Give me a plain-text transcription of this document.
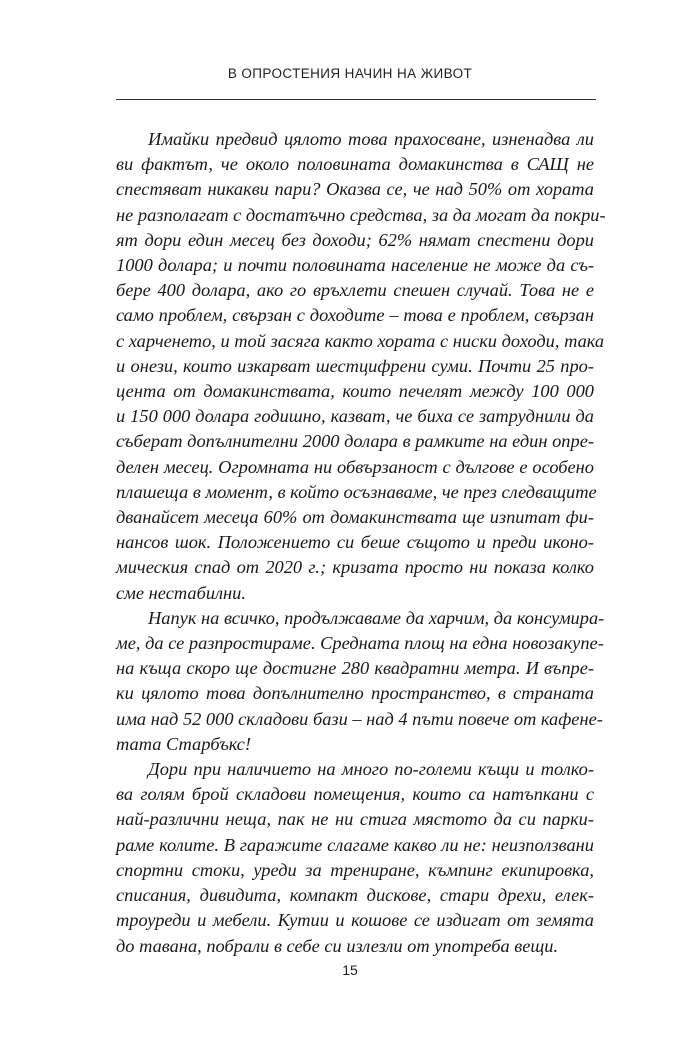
В ОПРОСТЕНИЯ НАЧИН НА ЖИВОТ
Имайки предвид цялото това прахосване, изненадва ли
ви фактът, че около половината домакинства в САЩ не
спестяват никакви пари? Оказва се, че над 50% от хората
не разполагат с достатъчно средства, за да могат да покри-
ят дори един месец без доходи; 62% нямат спестени дори
1000 долара; и почти половината население не може да съ-
бере 400 долара, ако го връхлети спешен случай. Това не е
само проблем, свързан с доходите – това е проблем, свързан
с харченето, и той засяга както хората с ниски доходи, така
и онези, които изкарват шестцифрени суми. Почти 25 про-
цента от домакинствата, които печелят между 100 000
и 150 000 долара годишно, казват, че биха се затруднили да
съберат допълнителни 2000 долара в рамките на един опре-
делен месец. Огромната ни обвързаност с дългове е особено
плашеща в момент, в който осъзнаваме, че през следващите
дванайсет месеца 60% от домакинствата ще изпитат фи-
нансов шок. Положението си беше същото и преди иконо-
мическия спад от 2020 г.; кризата просто ни показа колко
сме нестабилни.
Напук на всичко, продължаваме да харчим, да консумира-
ме, да се разпростираме. Средната площ на една новозакупе-
на къща скоро ще достигне 280 квадратни метра. И въпре-
ки цялото това допълнително пространство, в страната
има над 52 000 складови бази – над 4 пъти повече от кафене-
тата Старбъкс!
Дори при наличието на много по-големи къщи и толко-
ва голям брой складови помещения, които са натъпкани с
най-различни неща, пак не ни стига мястото да си парки-
раме колите. В гаражите слагаме какво ли не: неизползвани
спортни стоки, уреди за трениране, къмпинг екипировка,
списания, дивидита, компакт дискове, стари дрехи, елек-
троуреди и мебели. Кутии и кошове се издигат от земята
до тавана, побрали в себе си излезли от употреба вещи.
15
